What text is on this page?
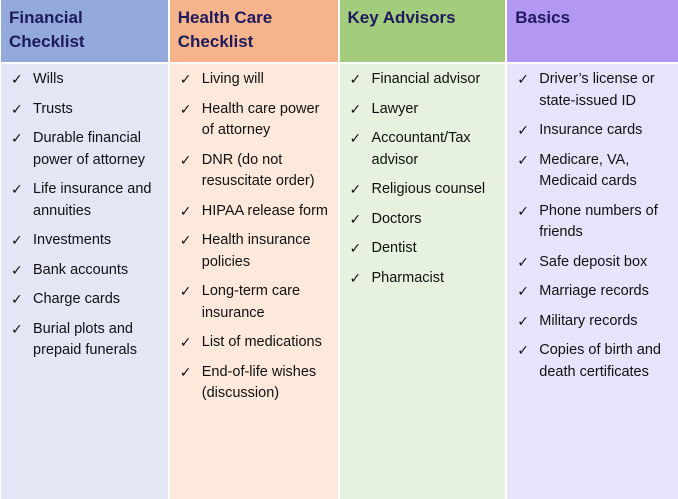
Financial
Checklist
✓ Wills
✓ Trusts
✓ Durable financial power of attorney
✓ Life insurance and annuities
✓ Investments
✓ Bank accounts
✓ Charge cards
✓ Burial plots and prepaid funerals
Health Care
Checklist
✓ Living will
✓ Health care power of attorney
✓ DNR (do not resuscitate order)
✓ HIPAA release form
✓ Health insurance policies
✓ Long-term care insurance
✓ List of medications
✓ End-of-life wishes (discussion)
Key Advisors
✓ Financial advisor
✓ Lawyer
✓ Accountant/Tax advisor
✓ Religious counsel
✓ Doctors
✓ Dentist
✓ Pharmacist
Basics
✓ Driver’s license or state-issued ID
✓ Insurance cards
✓ Medicare, VA, Medicaid cards
✓ Phone numbers of friends
✓ Safe deposit box
✓ Marriage records
✓ Military records
✓ Copies of birth and death certificates
